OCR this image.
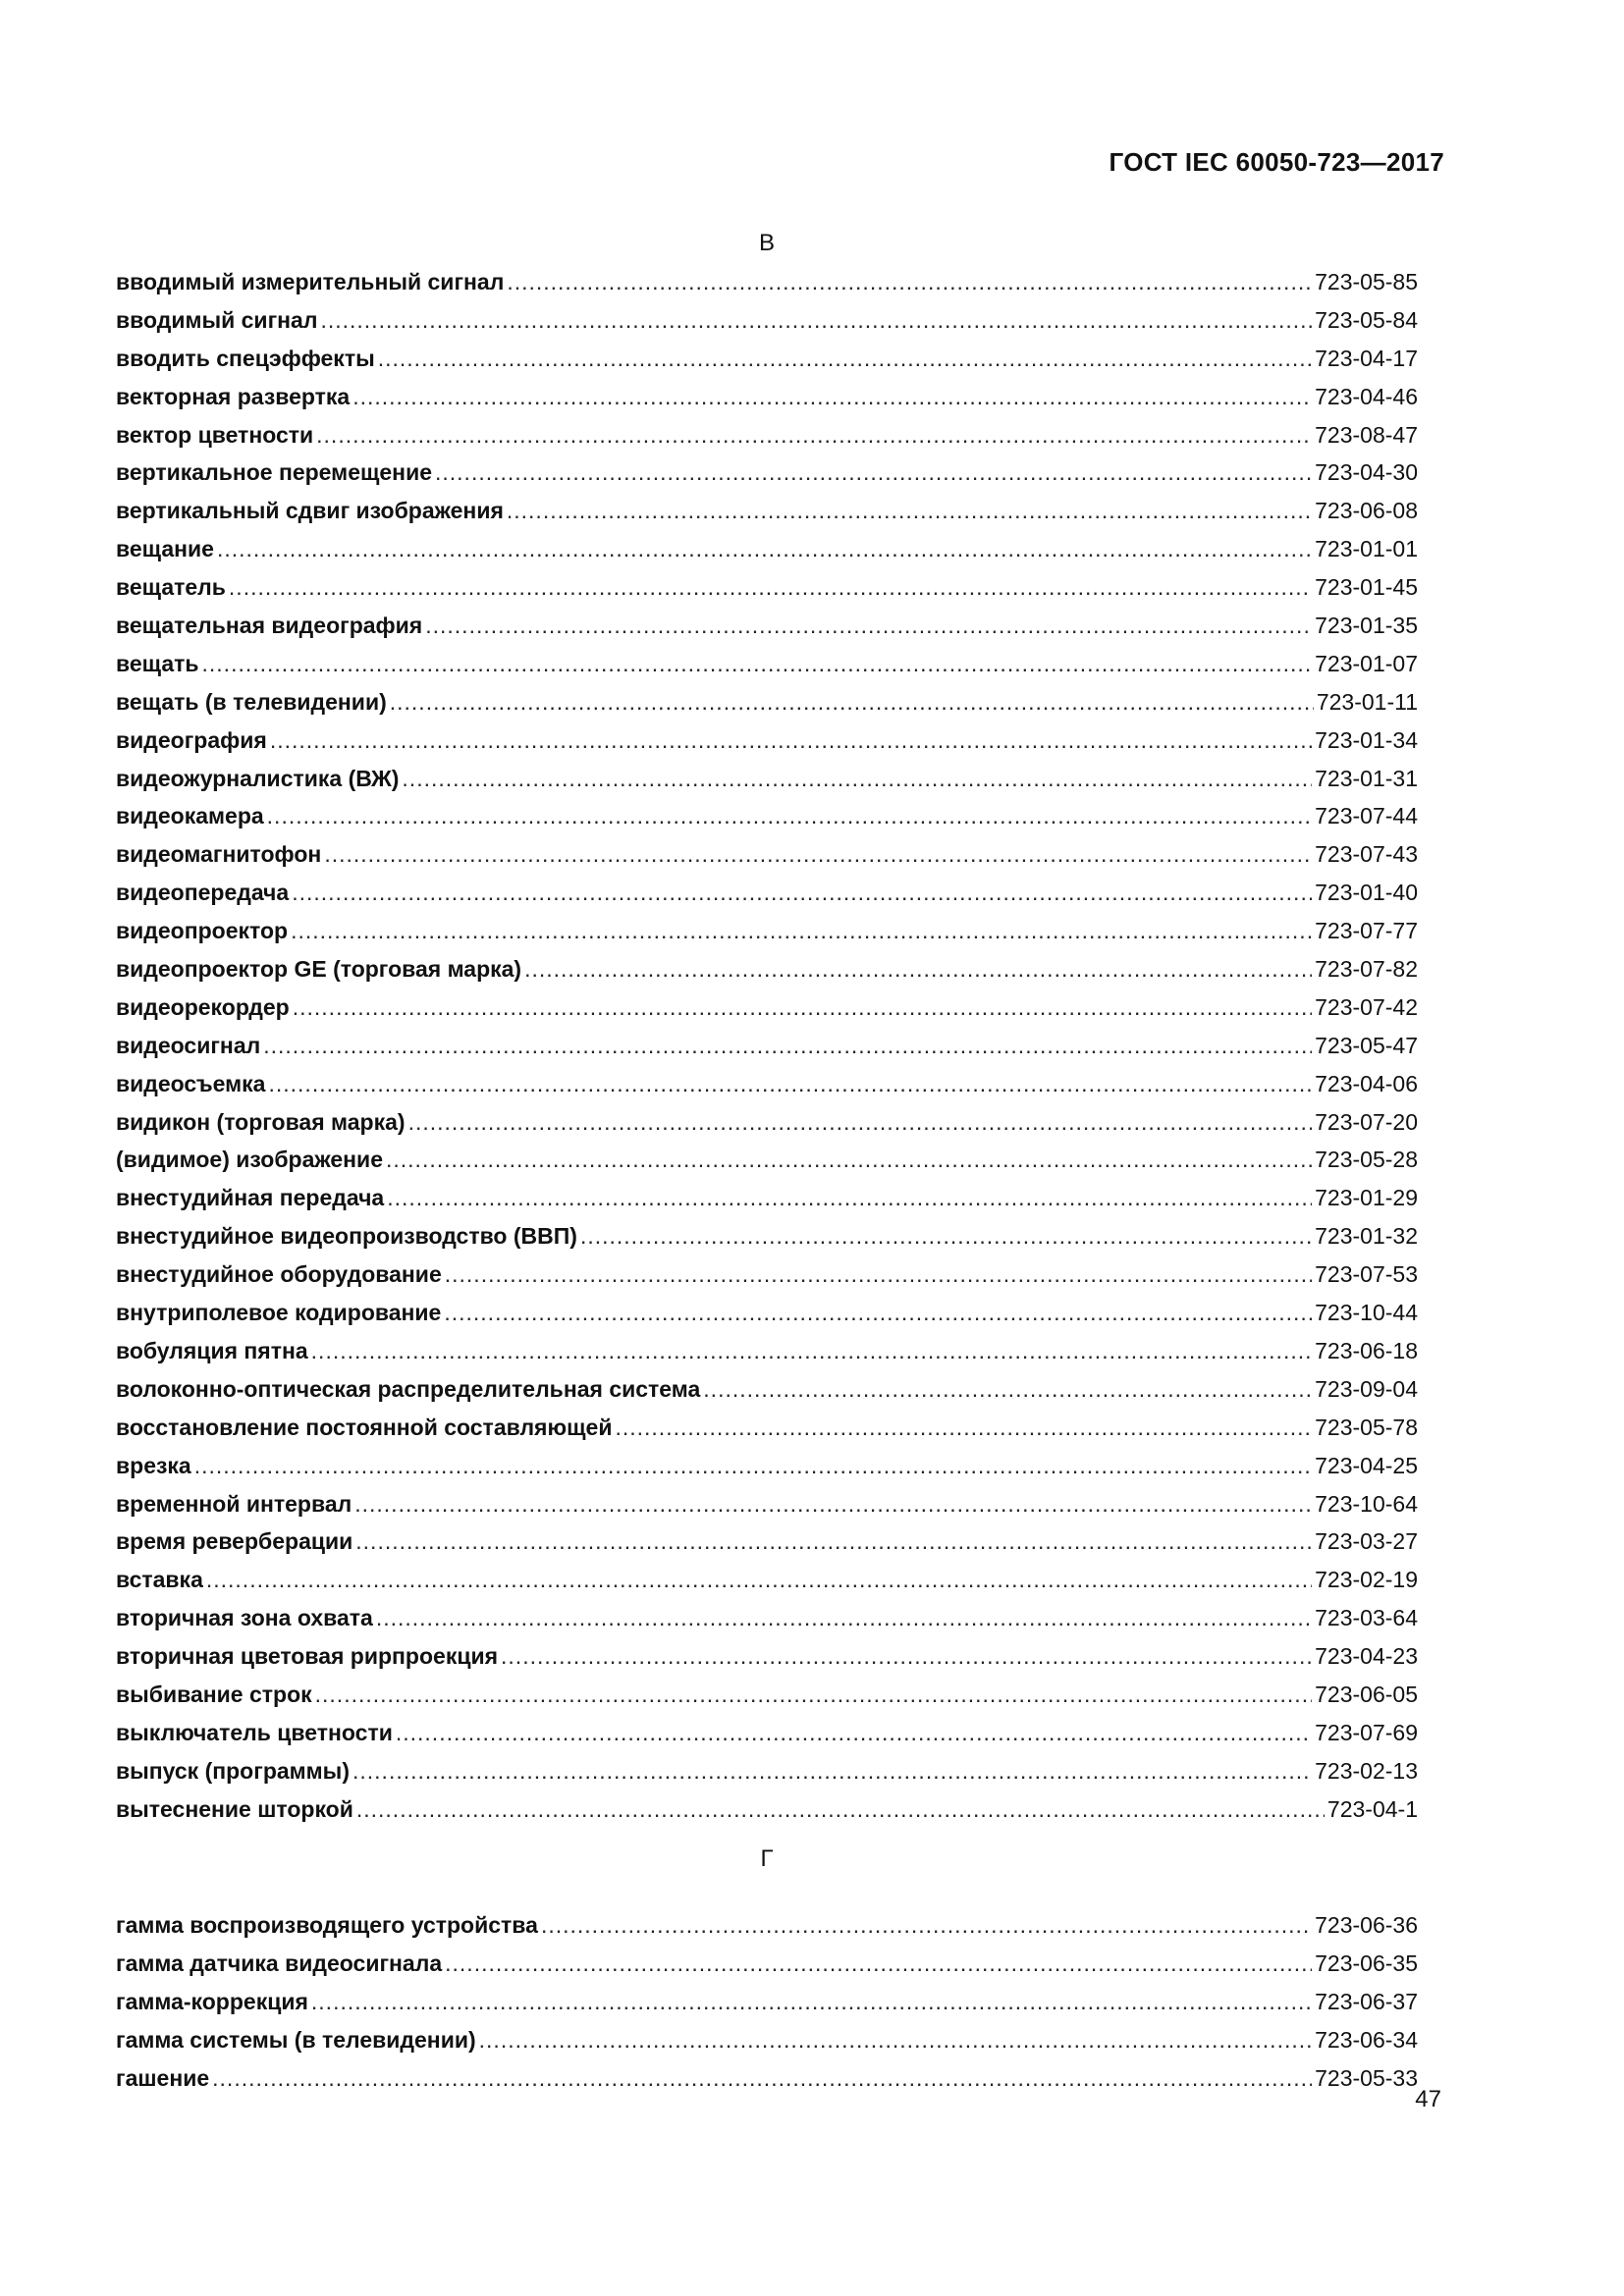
ГОСТ IEC 60050-723—2017
В
вводимый измерительный сигнал .....	723-05-85
вводимый сигнал .....	723-05-84
вводить спецэффекты .....	723-04-17
векторная развертка .....	723-04-46
вектор цветности .....	723-08-47
вертикальное перемещение .....	723-04-30
вертикальный сдвиг изображения .....	723-06-08
вещание .....	723-01-01
вещатель .....	723-01-45
вещательная видеография .....	723-01-35
вещать .....	723-01-07
вещать (в телевидении) .....	723-01-11
видеография .....	723-01-34
видеожурналистика (ВЖ) .....	723-01-31
видеокамера .....	723-07-44
видеомагнитофон .....	723-07-43
видеопередача .....	723-01-40
видеопроектор .....	723-07-77
видеопроектор GE (торговая марка) .....	723-07-82
видеорекордер .....	723-07-42
видеосигнал .....	723-05-47
видеосъемка .....	723-04-06
видикон (торговая марка) .....	723-07-20
(видимое) изображение .....	723-05-28
внестудийная передача .....	723-01-29
внестудийное видеопроизводство (ВВП) .....	723-01-32
внестудийное оборудование .....	723-07-53
внутриполевое кодирование .....	723-10-44
вобуляция пятна .....	723-06-18
волоконно-оптическая распределительная система .....	723-09-04
восстановление постоянной составляющей .....	723-05-78
врезка .....	723-04-25
временной интервал .....	723-10-64
время реверберации .....	723-03-27
вставка .....	723-02-19
вторичная зона охвата .....	723-03-64
вторичная цветовая рирпроекция .....	723-04-23
выбивание строк .....	723-06-05
выключатель цветности .....	723-07-69
выпуск (программы) .....	723-02-13
вытеснение шторкой .....	723-04-1
Г
гамма воспроизводящего устройства .....	723-06-36
гамма датчика видеосигнала .....	723-06-35
гамма-коррекция .....	723-06-37
гамма системы (в телевидении) .....	723-06-34
гашение .....	723-05-33
47
